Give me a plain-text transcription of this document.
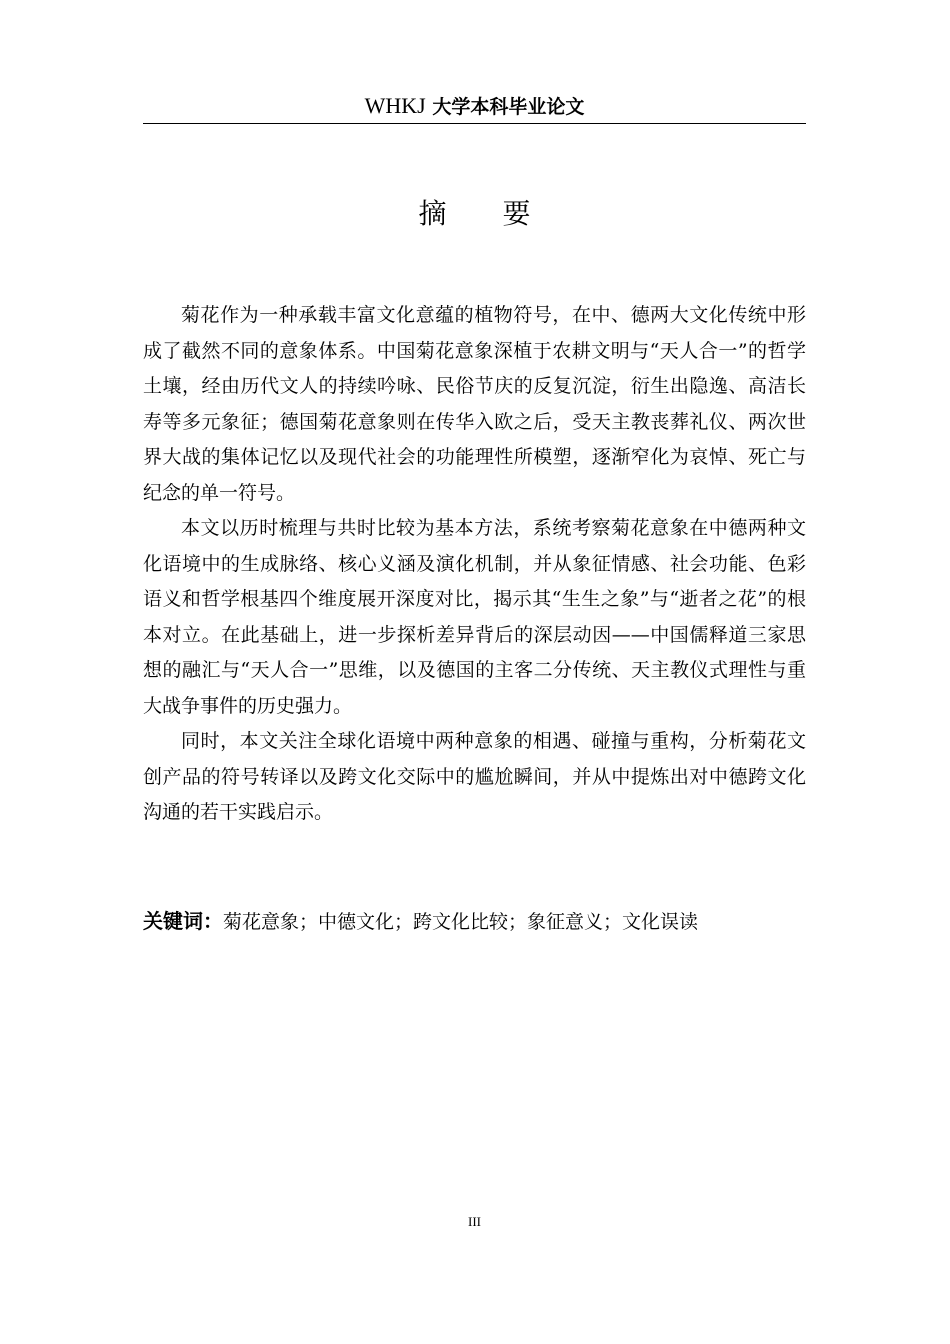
WHKJ 大学本科毕业论文
摘要

菊花作为一种承载丰富文化意蕴的植物符号，在中、德两大文化传统中形成了截然不同的意象体系。中国菊花意象深植于农耕文明与“天人合一”的哲学土壤，经由历代文人的持续吟咏、民俗节庆的反复沉淀，衍生出隐逸、高洁长寿等多元象征；德国菊花意象则在传华入欧之后，受天主教丧葬礼仪、两次世界大战的集体记忆以及现代社会的功能理性所模塑，逐渐窄化为哀悼、死亡与纪念的单一符号。

本文以历时梳理与共时比较为基本方法，系统考察菊花意象在中德两种文化语境中的生成脉络、核心义涵及演化机制，并从象征情感、社会功能、色彩语义和哲学根基四个维度展开深度对比，揭示其“生生之象”与“逝者之花”的根本对立。在此基础上，进一步探析差异背后的深层动因——中国儒释道三家思想的融汇与“天人合一”思维，以及德国的主客二分传统、天主教仪式理性与重大战争事件的历史强力。

同时，本文关注全球化语境中两种意象的相遇、碰撞与重构，分析菊花文创产品的符号转译以及跨文化交际中的尴尬瞬间，并从中提炼出对中德跨文化沟通的若干实践启示。

关键词：菊花意象；中德文化；跨文化比较；象征意义；文化误读
III
